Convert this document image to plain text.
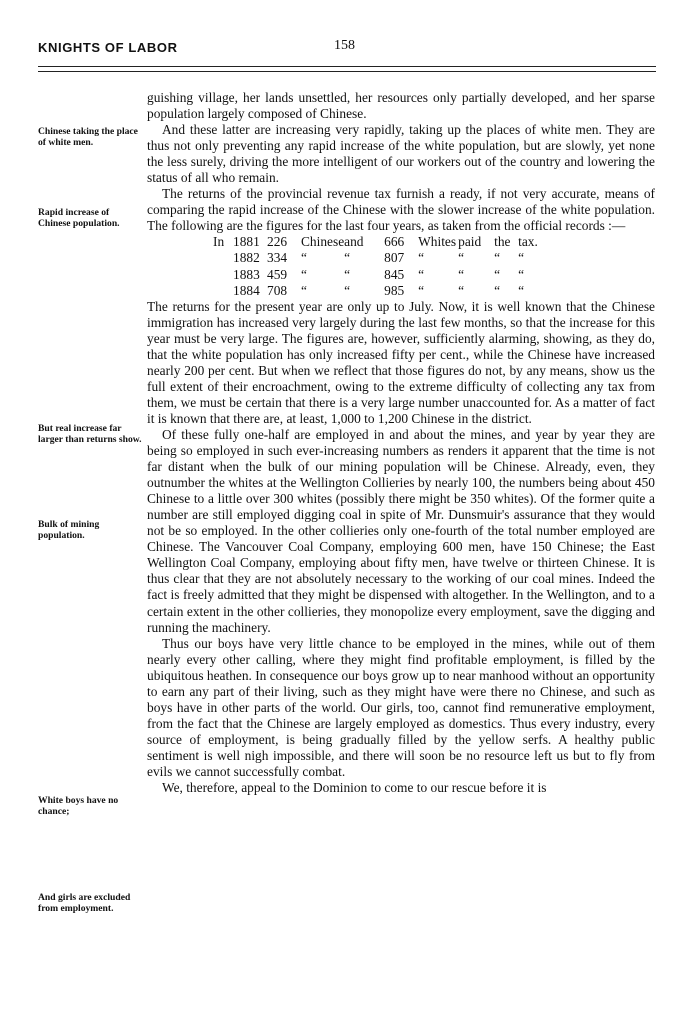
KNIGHTS OF LABOR	158
Chinese taking the place of white men.
Rapid increase of Chinese population.
But real increase far larger than returns show.
Bulk of mining population.
White boys have no chance;
And girls are excluded from employment.

guishing village, her lands unsettled, her resources only partially developed, and her sparse population largely composed of Chinese.

And these latter are increasing very rapidly, taking up the places of white men. They are thus not only preventing any rapid increase of the white population, but are slowly, yet none the less surely, driving the more intelligent of our workers out of the country and lowering the status of all who remain.

The returns of the provincial revenue tax furnish a ready, if not very accurate, means of comparing the rapid increase of the Chinese with the slower increase of the white population. The following are the figures for the last four years, as taken from the official records :—

In	1881	226	Chinese	and	666	Whites	paid	the	tax.
	1882	334	“	“	807	“	“	“	“
	1883	459	“	“	845	“	“	“	“
	1884	708	“	“	985	“	“	“	“

The returns for the present year are only up to July. Now, it is well known that the Chinese immigration has increased very largely during the last few months, so that the increase for this year must be very large. The figures are, however, sufficiently alarming, showing, as they do, that the white population has only increased fifty per cent., while the Chinese have increased nearly 200 per cent. But when we reflect that those figures do not, by any means, show us the full extent of their encroachment, owing to the extreme difficulty of collecting any tax from them, we must be certain that there is a very large number unaccounted for. As a matter of fact it is known that there are, at least, 1,000 to 1,200 Chinese in the district.

Of these fully one-half are employed in and about the mines, and year by year they are being so employed in such ever-increasing numbers as renders it apparent that the time is not far distant when the bulk of our mining population will be Chinese. Already, even, they outnumber the whites at the Wellington Collieries by nearly 100, the numbers being about 450 Chinese to a little over 300 whites (possibly there might be 350 whites). Of the former quite a number are still employed digging coal in spite of Mr. Dunsmuir's assurance that they would not be so employed. In the other collieries only one-fourth of the total number employed are Chinese. The Vancouver Coal Company, employing 600 men, have 150 Chinese; the East Wellington Coal Company, employing about fifty men, have twelve or thirteen Chinese. It is thus clear that they are not absolutely necessary to the working of our coal mines. Indeed the fact is freely admitted that they might be dispensed with altogether. In the Wellington, and to a certain extent in the other collieries, they monopolize every employment, save the digging and running the machinery.

Thus our boys have very little chance to be employed in the mines, while out of them nearly every other calling, where they might find profitable employment, is filled by the ubiquitous heathen. In consequence our boys grow up to near manhood without an opportunity to earn any part of their living, such as they might have were there no Chinese, and such as boys have in other parts of the world. Our girls, too, cannot find remunerative employment, from the fact that the Chinese are largely employed as domestics. Thus every industry, every source of employment, is being gradually filled by the yellow serfs. A healthy public sentiment is well nigh impossible, and there will soon be no resource left us but to fly from evils we cannot successfully combat.

We, therefore, appeal to the Dominion to come to our rescue before it is
